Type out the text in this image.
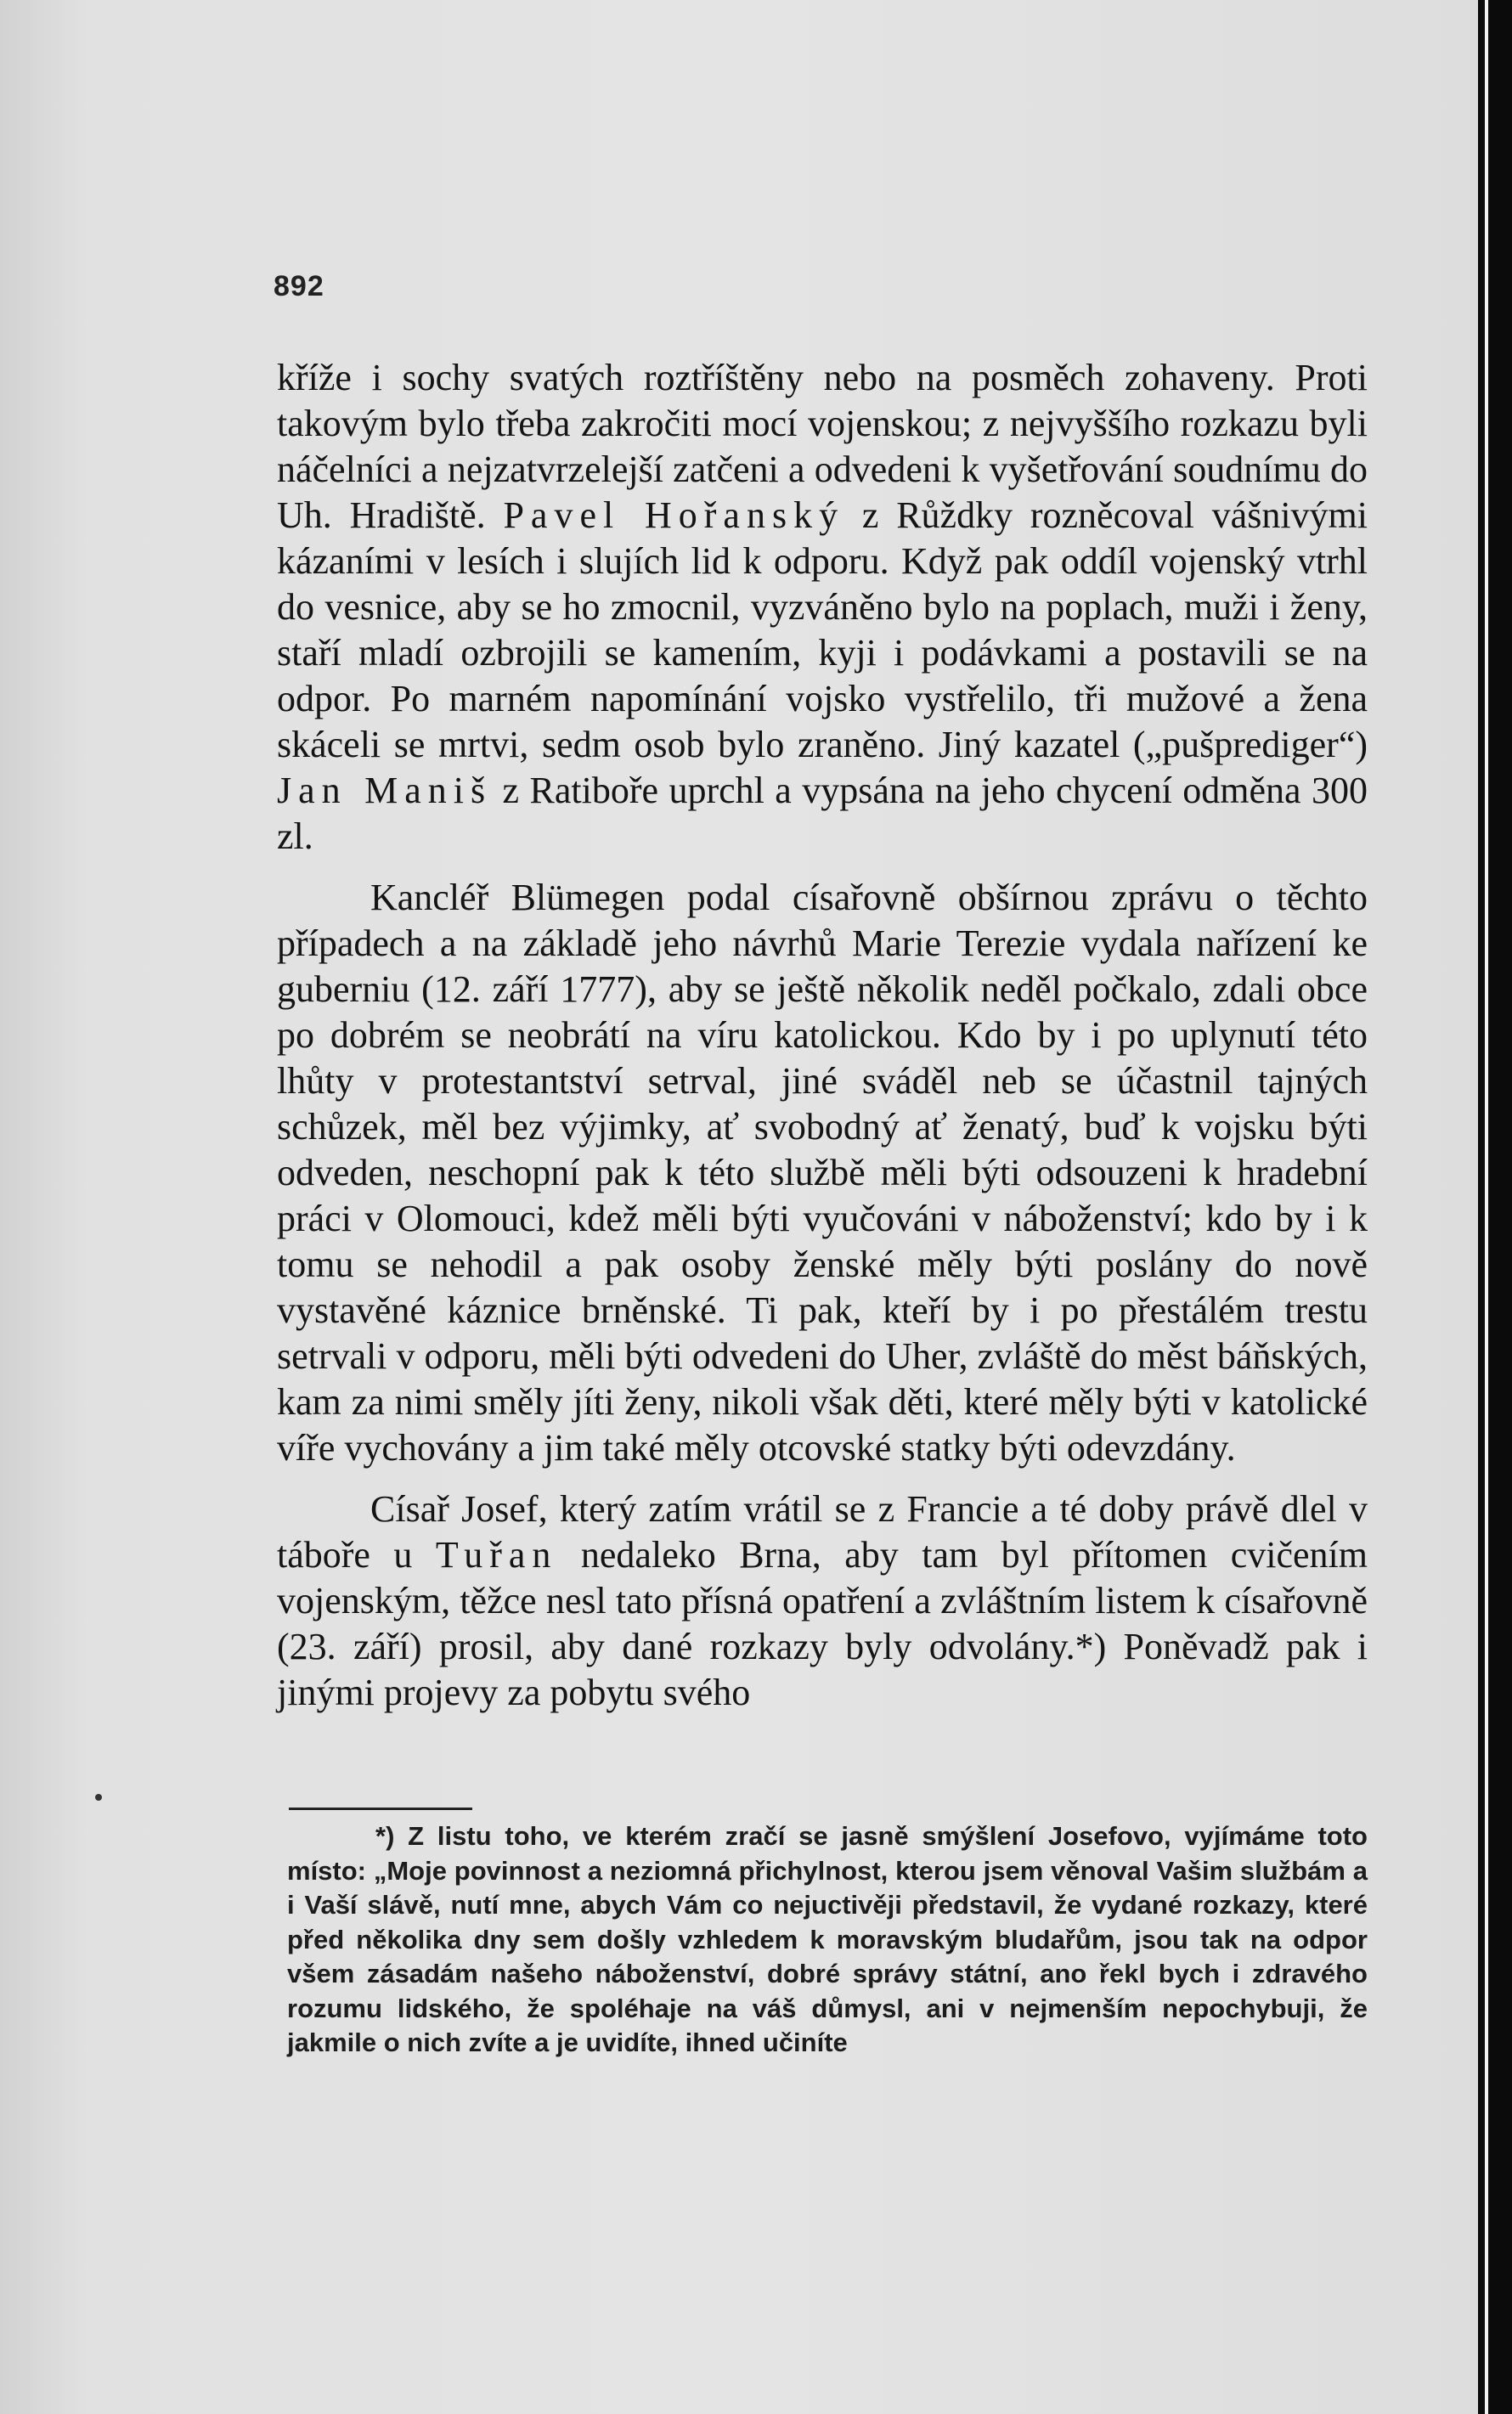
892

kříže i sochy svatých roztříštěny nebo na posměch zohaveny. Proti takovým bylo třeba zakročiti mocí vojenskou; z nejvyššího rozkazu byli náčelníci a nejzatvrzelejší zatčeni a odvedeni k vyšetřování soudnímu do Uh. Hradiště. Pavel Hořanský z Růždky rozněcoval vášnivými kázaními v lesích i slujích lid k odporu. Když pak oddíl vojenský vtrhl do vesnice, aby se ho zmocnil, vyzváněno bylo na poplach, muži i ženy, staří mladí ozbrojili se kamením, kyji i podávkami a postavili se na odpor. Po marném napomínání vojsko vystřelilo, tři mužové a žena skáceli se mrtvi, sedm osob bylo zraněno. Jiný kazatel („pušprediger“) Jan Maniš z Ratiboře uprchl a vypsána na jeho chycení odměna 300 zl.

Kancléř Blümegen podal císařovně obšírnou zprávu o těchto případech a na základě jeho návrhů Marie Terezie vydala nařízení ke guberniu (12. září 1777), aby se ještě několik neděl počkalo, zdali obce po dobrém se neobrátí na víru katolickou. Kdo by i po uplynutí této lhůty v protestantství setrval, jiné sváděl neb se účastnil tajných schůzek, měl bez výjimky, ať svobodný ať ženatý, buď k vojsku býti odveden, neschopní pak k této službě měli býti odsouzeni k hradební práci v Olomouci, kdež měli býti vyučováni v náboženství; kdo by i k tomu se nehodil a pak osoby ženské měly býti poslány do nově vystavěné káznice brněnské. Ti pak, kteří by i po přestálém trestu setrvali v odporu, měli býti odvedeni do Uher, zvláště do měst báňských, kam za nimi směly jíti ženy, nikoli však děti, které měly býti v katolické víře vychovány a jim také měly otcovské statky býti odevzdány.

Císař Josef, který zatím vrátil se z Francie a té doby právě dlel v táboře u Tuřan nedaleko Brna, aby tam byl přítomen cvičením vojenským, těžce nesl tato přísná opatření a zvláštním listem k císařovně (23. září) prosil, aby dané rozkazy byly odvolány.*) Poněvadž pak i jinými projevy za pobytu svého

*) Z listu toho, ve kterém zračí se jasně smýšlení Josefovo, vyjímáme toto místo: „Moje povinnost a neziomná přichylnost, kterou jsem věnoval Vašim službám a i Vaší slávě, nutí mne, abych Vám co nejuctivěji představil, že vydané rozkazy, které před několika dny sem došly vzhledem k moravským bludařům, jsou tak na odpor všem zásadám našeho náboženství, dobré správy státní, ano řekl bych i zdravého rozumu lidského, že spoléhaje na váš důmysl, ani v nejmenším nepochybuji, že jakmile o nich zvíte a je uvidíte, ihned učiníte
